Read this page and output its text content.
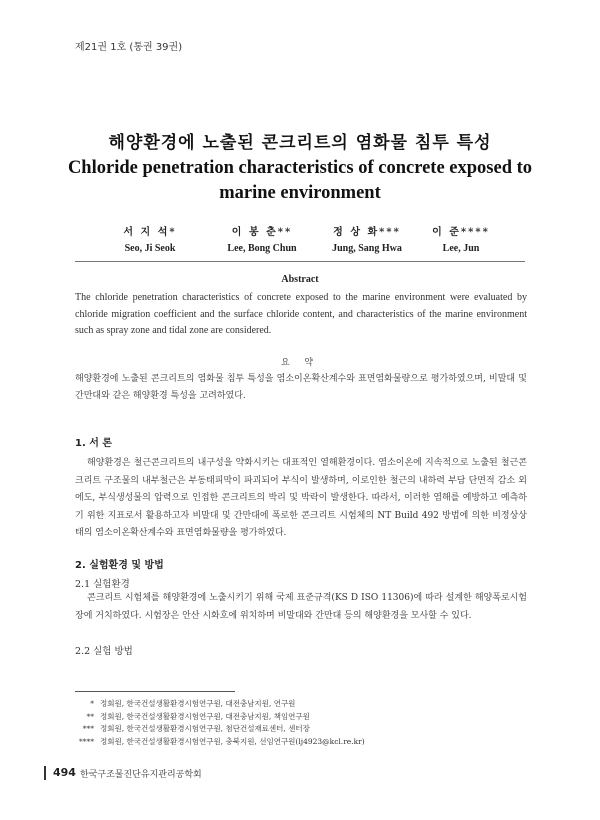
제21권 1호 (통권 39권)
해양환경에 노출된 콘크리트의 염화물 침투 특성
Chloride penetration characteristics of concrete exposed to
marine environment
서 지 석*
Seo, Ji Seok
이 봉 춘**
Lee, Bong Chun
정 상 화***
Jung, Sang Hwa
이 준****
Lee, Jun
Abstract
The chloride penetration characteristics of concrete exposed to the marine environment were evaluated by chloride migration coefficient and the surface chloride content, and characteristics of the marine environment such as spray zone and tidal zone are considered.
요 약
해양환경에 노출된 콘크리트의 염화물 침투 특성을 염소이온확산계수와 표면염화물량으로 평가하였으며, 비말대 및 간만대와 같은 해양환경 특성을 고려하였다.
1. 서 론
해양환경은 철근콘크리트의 내구성을 약화시키는 대표적인 열해환경이다. 염소이온에 지속적으로 노출된 철근콘크리트 구조물의 내부철근은 부동태피막이 파괴되어 부식이 발생하며, 이로인한 철근의 내하력 부담 단면적 감소 외에도, 부식생성물의 압력으로 인접한 콘크리트의 박리 및 박락이 발생한다. 따라서, 이러한 염해를 예방하고 예측하기 위한 지표로서 활용하고자 비말대 및 간만대에 폭로한 콘크리트 시험체의 NT Build 492 방법에 의한 비정상상태의 염소이온확산계수와 표면염화물량을 평가하였다.
2. 실험환경 및 방법
2.1 실험환경
콘크리트 시험체를 해양환경에 노출시키기 위해 국제 표준규격(KS D ISO 11306)에 따라 설계한 해양폭로시험장에 거치하였다. 시험장은 안산 시화호에 위치하며 비말대와 간만대 등의 해양환경을 모사할 수 있다.
2.2 실험 방법
* 정회원, 한국건설생활환경시험연구원, 대전충남지원, 연구원
** 정회원, 한국건설생활환경시험연구원, 대전충남지원, 책임연구원
*** 정회원, 한국건설생활환경시험연구원, 첨단건설재료센터, 센터장
**** 정회원, 한국건설생활환경시험연구원, 충북지원, 선임연구원(lj4923@kcl.re.kr)
494 한국구조물진단유지관리공학회
